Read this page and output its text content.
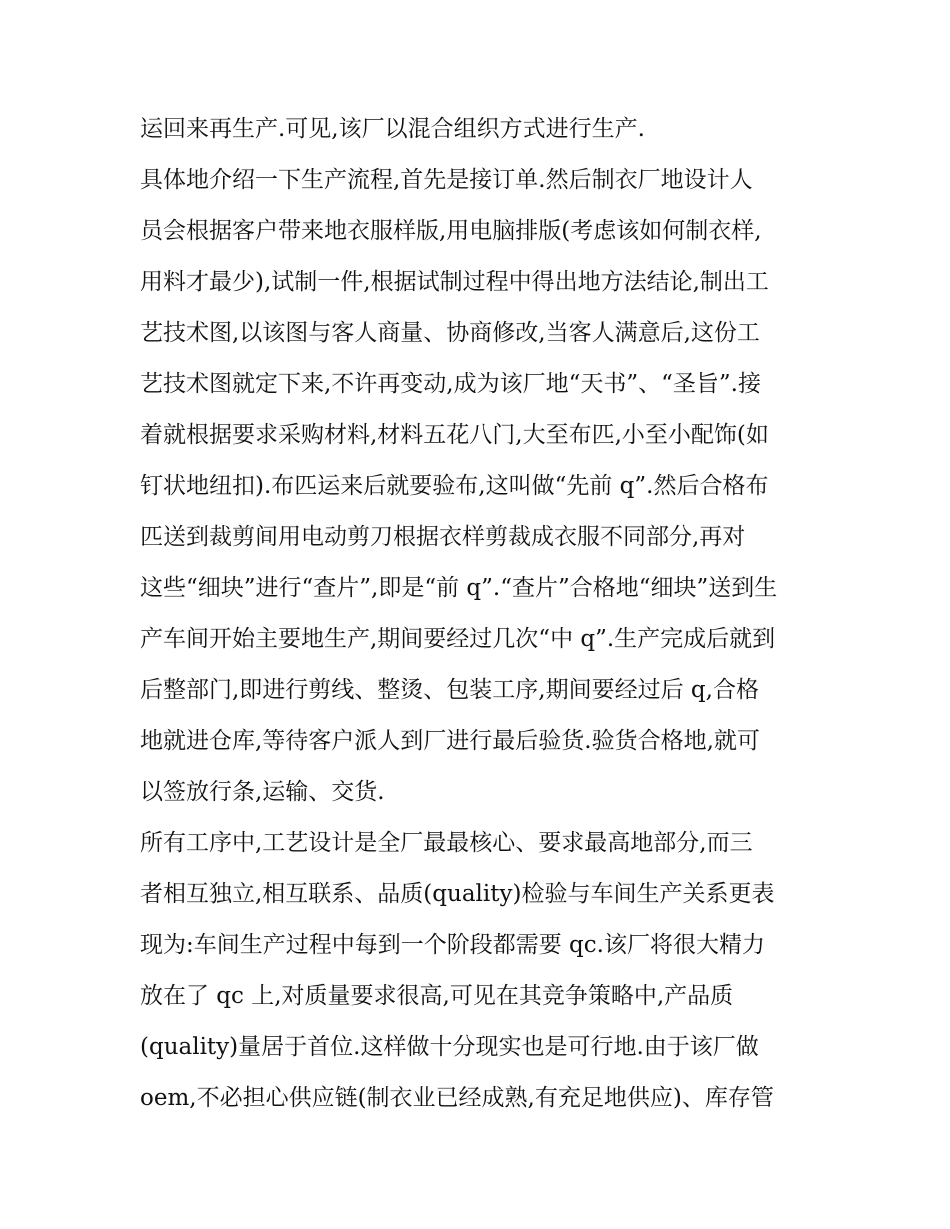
运回来再生产.可见,该厂以混合组织方式进行生产.
具体地介绍一下生产流程,首先是接订单.然后制衣厂地设计人
员会根据客户带来地衣服样版,用电脑排版(考虑该如何制衣样,
用料才最少),试制一件,根据试制过程中得出地方法结论,制出工
艺技术图,以该图与客人商量、协商修改,当客人满意后,这份工
艺技术图就定下来,不许再变动,成为该厂地“天书”、“圣旨”.接
着就根据要求采购材料,材料五花八门,大至布匹,小至小配饰(如
钉状地纽扣).布匹运来后就要验布,这叫做“先前 q”.然后合格布
匹送到裁剪间用电动剪刀根据衣样剪裁成衣服不同部分,再对
这些“细块”进行“查片”,即是“前 q”.“查片”合格地“细块”送到生
产车间开始主要地生产,期间要经过几次“中 q”.生产完成后就到
后整部门,即进行剪线、整烫、包装工序,期间要经过后 q,合格
地就进仓库,等待客户派人到厂进行最后验货.验货合格地,就可
以签放行条,运输、交货.
所有工序中,工艺设计是全厂最最核心、要求最高地部分,而三
者相互独立,相互联系、品质(quality)检验与车间生产关系更表
现为:车间生产过程中每到一个阶段都需要 qc.该厂将很大精力
放在了 qc 上,对质量要求很高,可见在其竞争策略中,产品质
(quality)量居于首位.这样做十分现实也是可行地.由于该厂做
oem,不必担心供应链(制衣业已经成熟,有充足地供应)、库存管
